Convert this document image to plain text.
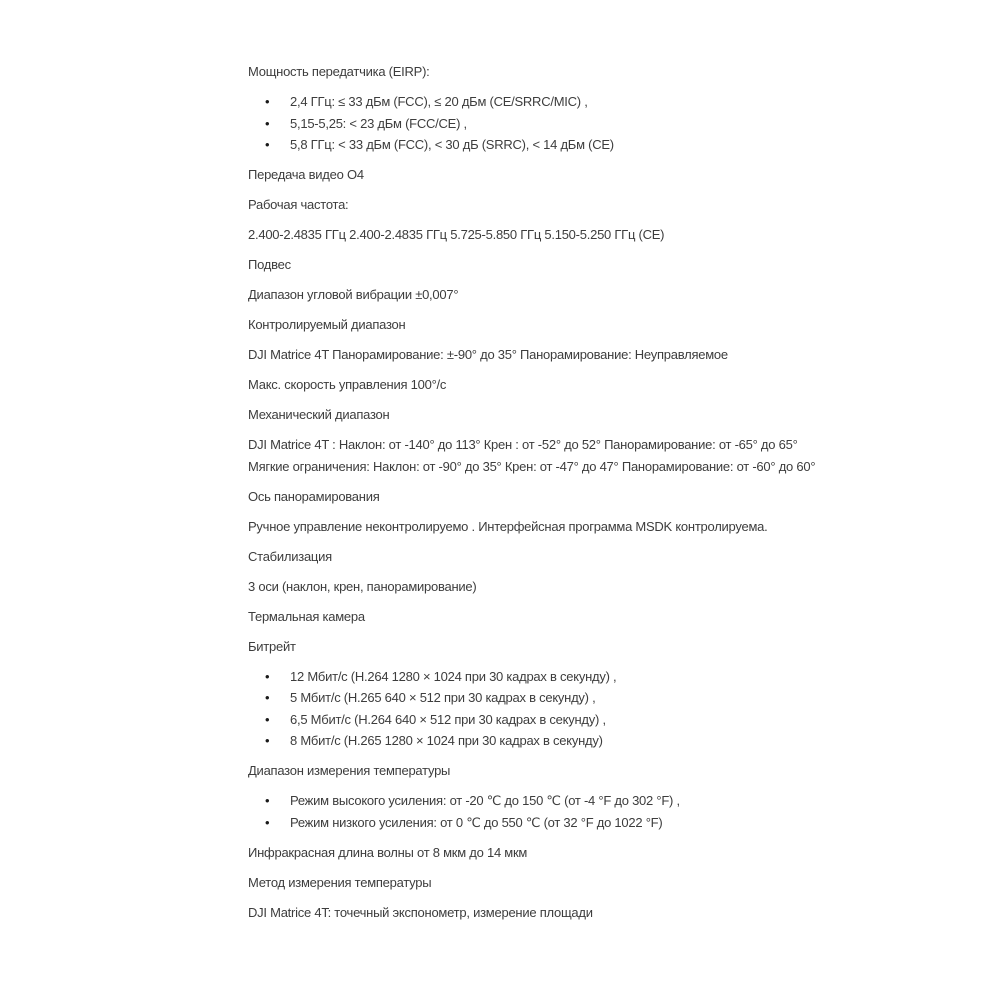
Мощность передатчика (EIRP):
• 2,4 ГГц: ≤ 33 дБм (FCC), ≤ 20 дБм (CE/SRRC/MIC) ,
• 5,15-5,25: < 23 дБм (FCC/CE) ,
• 5,8 ГГц: < 33 дБм (FCC), < 30 дБ (SRRC), < 14 дБм (CE)
Передача видео O4
Рабочая частота:
2.400-2.4835 ГГц 2.400-2.4835 ГГц 5.725-5.850 ГГц 5.150-5.250 ГГц (CE)
Подвес
Диапазон угловой вибрации ±0,007°
Контролируемый диапазон
DJI Matrice 4T Панорамирование: ±-90° до 35° Панорамирование: Неуправляемое
Макс. скорость управления 100°/с
Механический диапазон
DJI Matrice 4T : Наклон: от -140° до 113° Крен : от -52° до 52° Панорамирование: от -65° до 65°
Мягкие ограничения: Наклон: от -90° до 35° Крен: от -47° до 47° Панорамирование: от -60° до 60°
Ось панорамирования
Ручное управление неконтролируемо . Интерфейсная программа MSDK контролируема.
Стабилизация
3 оси (наклон, крен, панорамирование)
Термальная камера
Битрейт
• 12 Мбит/с (H.264 1280 × 1024 при 30 кадрах в секунду) ,
• 5 Мбит/с (H.265 640 × 512 при 30 кадрах в секунду) ,
• 6,5 Мбит/с (H.264 640 × 512 при 30 кадрах в секунду) ,
• 8 Мбит/с (H.265 1280 × 1024 при 30 кадрах в секунду)
Диапазон измерения температуры
• Режим высокого усиления: от -20 ℃ до 150 ℃ (от -4 °F до 302 °F) ,
• Режим низкого усиления: от 0 ℃ до 550 ℃ (от 32 °F до 1022 °F)
Инфракрасная длина волны от 8 мкм до 14 мкм
Метод измерения температуры
DJI Matrice 4T: точечный экспонометр, измерение площади
